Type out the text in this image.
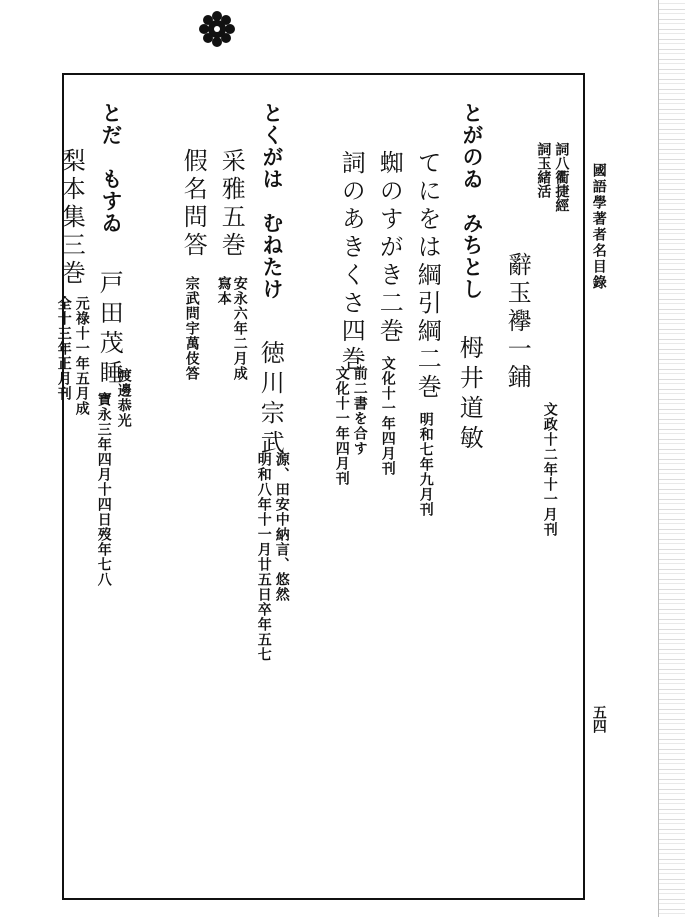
國語學著者名目錄
五四
詞八衢捷經
詞玉緒活
辭玉襷一鋪
文政十二年十一月刊
とがのゐ　みちとし
栂井道敏
てにをは綱引綱二巻
明和七年九月刊
蜘のすがき二巻
文化十一年四月刊
詞のあきくさ四巻
前二書を合す
文化十一年四月刊
とくがは　むねたけ
徳川宗武
源、田安中納言、悠然
明和八年十一月廿五日卒年五七
采雅五巻
安永六年二月成
寫本
假名問答
宗武問宇萬伎答
とだ　もすゐ
戸田茂睡
渡邊恭光
寶永三年四月十四日歿年七八
梨本集三巻
元祿十一年五月成
全十三年正月刊
